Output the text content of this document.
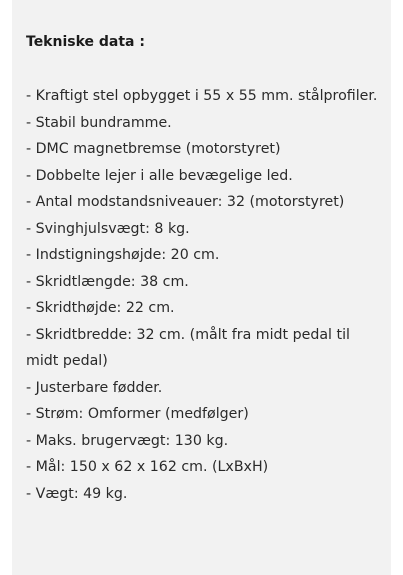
Tekniske data :
- Kraftigt stel opbygget i 55 x 55 mm. stålprofiler.
- Stabil bundramme.
- DMC magnetbremse (motorstyret)
- Dobbelte lejer i alle bevægelige led.
- Antal modstandsniveauer: 32 (motorstyret)
- Svinghjulsvægt: 8 kg.
- Indstigningshøjde: 20 cm.
- Skridtlængde: 38 cm.
- Skridthøjde: 22 cm.
- Skridtbredde: 32 cm. (målt fra midt pedal til midt pedal)
- Justerbare fødder.
- Strøm: Omformer (medfølger)
- Maks. brugervægt: 130 kg.
- Mål: 150 x 62 x 162 cm. (LxBxH)
- Vægt: 49 kg.
